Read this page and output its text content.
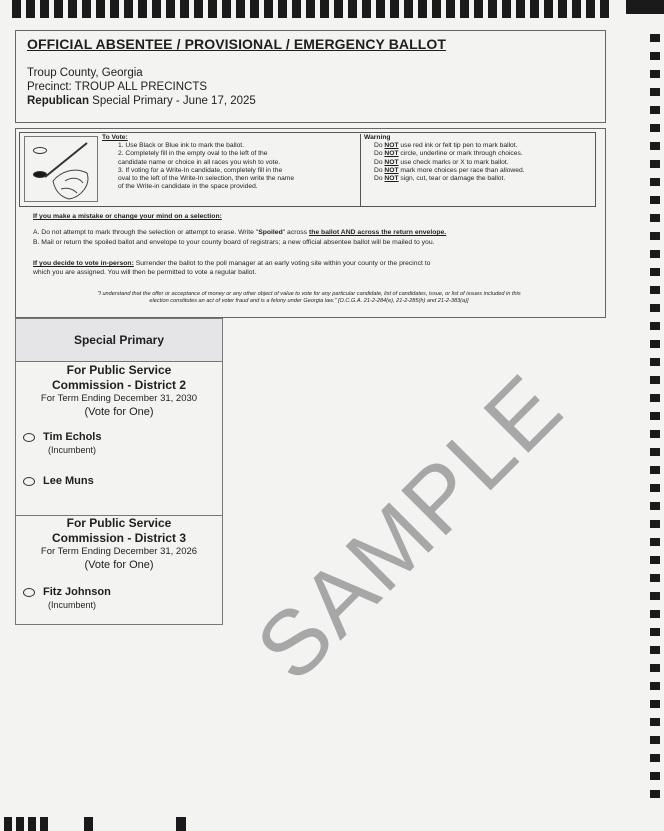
OFFICIAL ABSENTEE / PROVISIONAL / EMERGENCY BALLOT
Troup County, Georgia
Precinct: TROUP ALL PRECINCTS
Republican Special Primary - June 17, 2025
To Vote:
1. Use Black or Blue ink to mark the ballot.
2. Completely fill in the empty oval to the left of the
candidate name or choice in all races you wish to vote.
3. If voting for a Write-In candidate, completely fill in the
oval to the left of the Write-In selection, then write the name
of the Write-in candidate in the space provided.
Warning
Do NOT use red ink or felt tip pen to mark ballot.
Do NOT circle, underline or mark through choices.
Do NOT use check marks or X to mark ballot.
Do NOT mark more choices per race than allowed.
Do NOT sign, cut, tear or damage the ballot.
If you make a mistake or change your mind on a selection:
A. Do not attempt to mark through the selection or attempt to erase. Write "Spoiled" across the ballot AND across the return envelope.
B. Mail or return the spoiled ballot and envelope to your county board of registrars; a new official absentee ballot will be mailed to you.
If you decide to vote in-person: Surrender the ballot to the poll manager at an early voting site within your county or the precinct to
which you are assigned. You will then be permitted to vote a regular ballot.
"I understand that the offer or acceptance of money or any other object of value to vote for any particular candidate, list of candidates, issue, or list of issues included in this
election constitutes an act of voter fraud and is a felony under Georgia law." [O.C.G.A. 21-2-284(e), 21-2-285(h) and 21-2-383(a)]
Special Primary
For Public Service
Commission - District 2
For Term Ending December 31, 2030
(Vote for One)
Tim Echols
(Incumbent)
Lee Muns
For Public Service
Commission - District 3
For Term Ending December 31, 2026
(Vote for One)
Fitz Johnson
(Incumbent) SAMPLE
